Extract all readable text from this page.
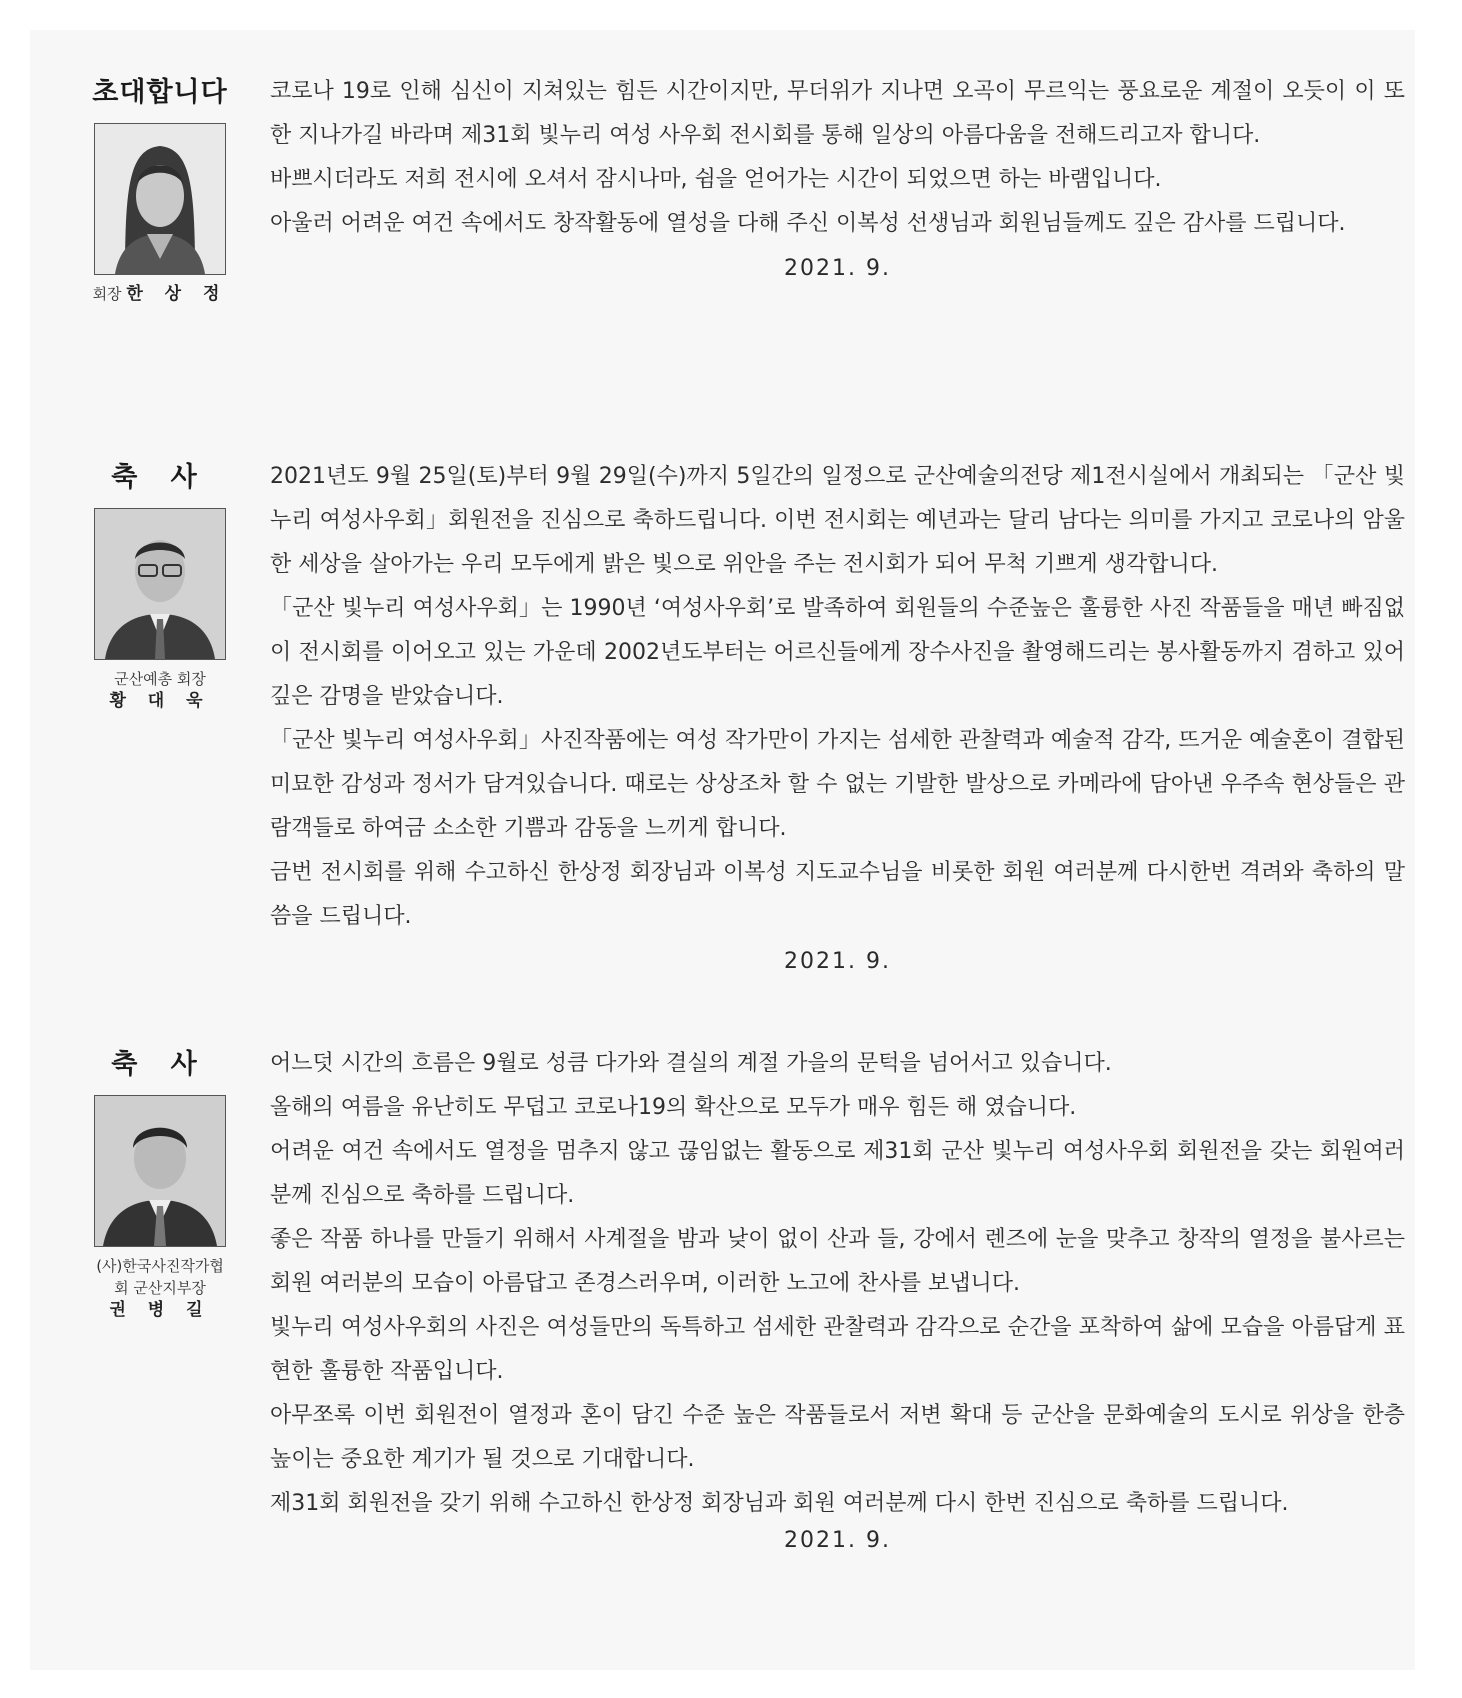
초대합니다
회장 한 상 정

코로나 19로 인해 심신이 지쳐있는 힘든 시간이지만, 무더위가 지나면 오곡이 무르익는 풍요로운 계절이 오듯이 이 또한 지나가길 바라며 제31회 빛누리 여성 사우회 전시회를 통해 일상의 아름다움을 전해드리고자 합니다.

바쁘시더라도 저희 전시에 오셔서 잠시나마, 쉼을 얻어가는 시간이 되었으면 하는 바램입니다.

아울러 어려운 여건 속에서도 창작활동에 열성을 다해 주신 이복성 선생님과 회원님들께도 깊은 감사를 드립니다.

2021. 9.
축 사
군산예총 회장
황 대 욱

2021년도 9월 25일(토)부터 9월 29일(수)까지 5일간의 일정으로 군산예술의전당 제1전시실에서 개최되는 「군산 빛누리 여성사우회」회원전을 진심으로 축하드립니다. 이번 전시회는 예년과는 달리 남다는 의미를 가지고 코로나의 암울한 세상을 살아가는 우리 모두에게 밝은 빛으로 위안을 주는 전시회가 되어 무척 기쁘게 생각합니다.

「군산 빛누리 여성사우회」는 1990년 ‘여성사우회’로 발족하여 회원들의 수준높은 훌륭한 사진 작품들을 매년 빠짐없이 전시회를 이어오고 있는 가운데 2002년도부터는 어르신들에게 장수사진을 촬영해드리는 봉사활동까지 겸하고 있어 깊은 감명을 받았습니다.

「군산 빛누리 여성사우회」사진작품에는 여성 작가만이 가지는 섬세한 관찰력과 예술적 감각, 뜨거운 예술혼이 결합된 미묘한 감성과 정서가 담겨있습니다. 때로는 상상조차 할 수 없는 기발한 발상으로 카메라에 담아낸 우주속 현상들은 관람객들로 하여금 소소한 기쁨과 감동을 느끼게 합니다.

금번 전시회를 위해 수고하신 한상정 회장님과 이복성 지도교수님을 비롯한 회원 여러분께 다시한번 격려와 축하의 말씀을 드립니다.

2021. 9.
축 사
(사)한국사진작가협회 군산지부장
권 병 길

어느덧 시간의 흐름은 9월로 성큼 다가와 결실의 계절 가을의 문턱을 넘어서고 있습니다.

올해의 여름을 유난히도 무덥고 코로나19의 확산으로 모두가 매우 힘든 해 였습니다.

어려운 여건 속에서도 열정을 멈추지 않고 끊임없는 활동으로 제31회 군산 빛누리 여성사우회 회원전을 갖는 회원여러분께 진심으로 축하를 드립니다.

좋은 작품 하나를 만들기 위해서 사계절을 밤과 낮이 없이 산과 들, 강에서 렌즈에 눈을 맞추고 창작의 열정을 불사르는 회원 여러분의 모습이 아름답고 존경스러우며, 이러한 노고에 찬사를 보냅니다.

빛누리 여성사우회의 사진은 여성들만의 독특하고 섬세한 관찰력과 감각으로 순간을 포착하여 삶에 모습을 아름답게 표현한 훌륭한 작품입니다.

아무쪼록 이번 회원전이 열정과 혼이 담긴 수준 높은 작품들로서 저변 확대 등 군산을 문화예술의 도시로 위상을 한층 높이는 중요한 계기가 될 것으로 기대합니다.

제31회 회원전을 갖기 위해 수고하신 한상정 회장님과 회원 여러분께 다시 한번 진심으로 축하를 드립니다.

2021. 9.
